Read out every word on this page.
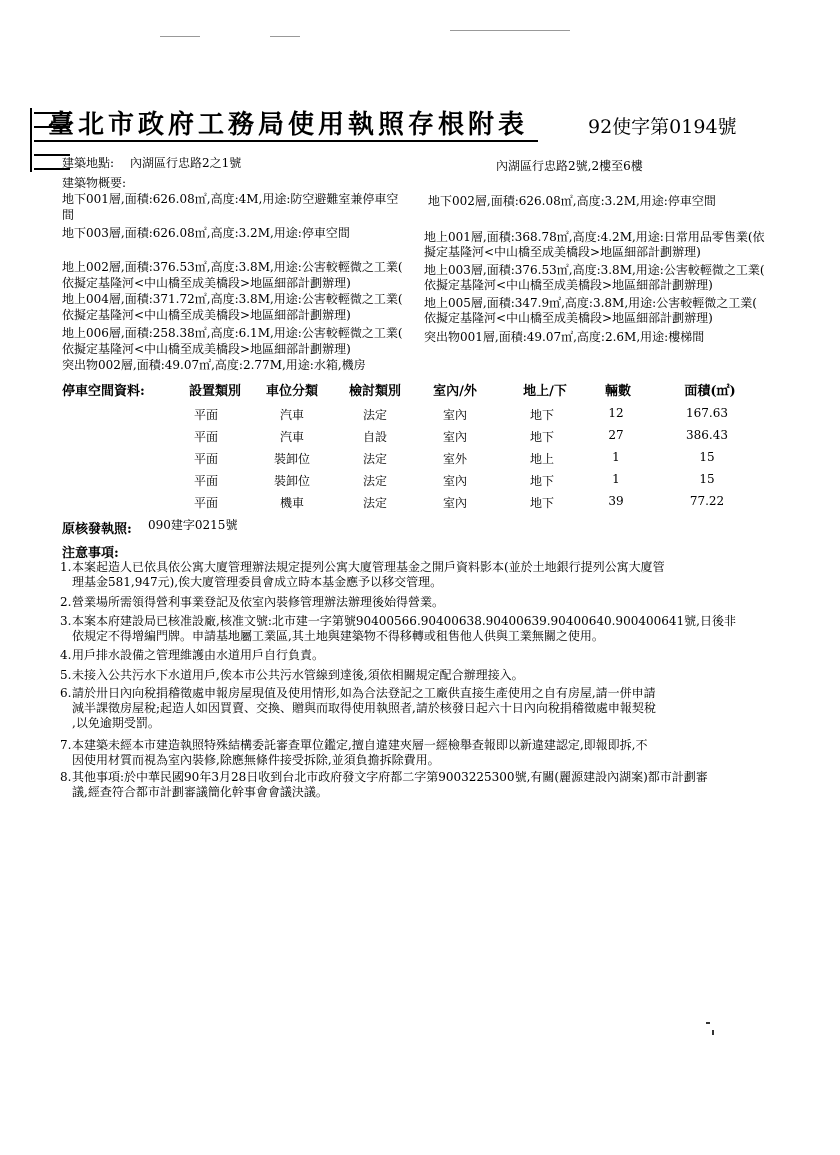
臺北市政府工務局使用執照存根附表	92使字第0194號
建築地點: 內湖區行忠路2之1號	內湖區行忠路2號,2樓至6樓
建築物概要:
地下001層,面積:626.08㎡,高度:4M,用途:防空避難室兼停車空
間
地下002層,面積:626.08㎡,高度:3.2M,用途:停車空間
地下003層,面積:626.08㎡,高度:3.2M,用途:停車空間	地上001層,面積:368.78㎡,高度:4.2M,用途:日常用品零售業(依
擬定基隆河<中山橋至成美橋段>地區細部計劃辦理)
地上002層,面積:376.53㎡,高度:3.8M,用途:公害較輕微之工業(
依擬定基隆河<中山橋至成美橋段>地區細部計劃辦理)
地上003層,面積:376.53㎡,高度:3.8M,用途:公害較輕微之工業(
依擬定基隆河<中山橋至成美橋段>地區細部計劃辦理)
地上004層,面積:371.72㎡,高度:3.8M,用途:公害較輕微之工業(
依擬定基隆河<中山橋至成美橋段>地區細部計劃辦理)
地上005層,面積:347.9㎡,高度:3.8M,用途:公害較輕微之工業(
依擬定基隆河<中山橋至成美橋段>地區細部計劃辦理)
地上006層,面積:258.38㎡,高度:6.1M,用途:公害較輕微之工業(
依擬定基隆河<中山橋至成美橋段>地區細部計劃辦理)
突出物001層,面積:49.07㎡,高度:2.6M,用途:樓梯間
突出物002層,面積:49.07㎡,高度:2.77M,用途:水箱,機房
停車空間資料:	設置類別	車位分類	檢討類別	室內/外	地上/下	輛數	面積(㎡)
平面	汽車	法定	室內	地下	12	167.63
平面	汽車	自設	室內	地下	27	386.43
平面	裝卸位	法定	室外	地上	1	15
平面	裝卸位	法定	室內	地下	1	15
平面	機車	法定	室內	地下	39	77.22
原核發執照: 090建字0215號
注意事項:
1. 本案起造人已依具依公寓大廈管理辦法規定提列公寓大廈管理基金之開戶資料影本(並於土地銀行提列公寓大廈管
理基金581,947元),俟大廈管理委員會成立時本基金應予以移交管理。
2. 營業場所需領得營利事業登記及依室內裝修管理辦法辦理後始得營業。
3. 本案本府建設局已核准設廠,核准文號:北市建一字第號90400566.90400638.90400639.90400640.900400641號,日後非
依規定不得增編門牌。申請基地屬工業區,其土地與建築物不得移轉或租售他人供與工業無關之使用。
4. 用戶排水設備之管理維護由水道用戶自行負責。
5. 未接入公共污水下水道用戶,俟本市公共污水管線到達後,須依相關規定配合辦理接入。
6. 請於卅日內向稅捐稽徵處申報房屋現值及使用情形,如為合法登記之工廠供直接生產使用之自有房屋,請一併申請
減半課徵房屋稅;起造人如因買賣、交換、贈與而取得使用執照者,請於核發日起六十日內向稅捐稽徵處申報契稅
,以免逾期受罰。
7. 本建築未經本市建造執照特殊結構委託審查單位鑑定,擅自違建夾層一經檢舉查報即以新違建認定,即報即拆,不
因使用材質而視為室內裝修,除應無條件接受拆除,並須負擔拆除費用。
8. 其他事項:於中華民國90年3月28日收到台北市政府發文字府都二字第9003225300號,有關(麗源建設內湖案)都市計劃審
議,經查符合都市計劃審議簡化幹事會會議決議。
